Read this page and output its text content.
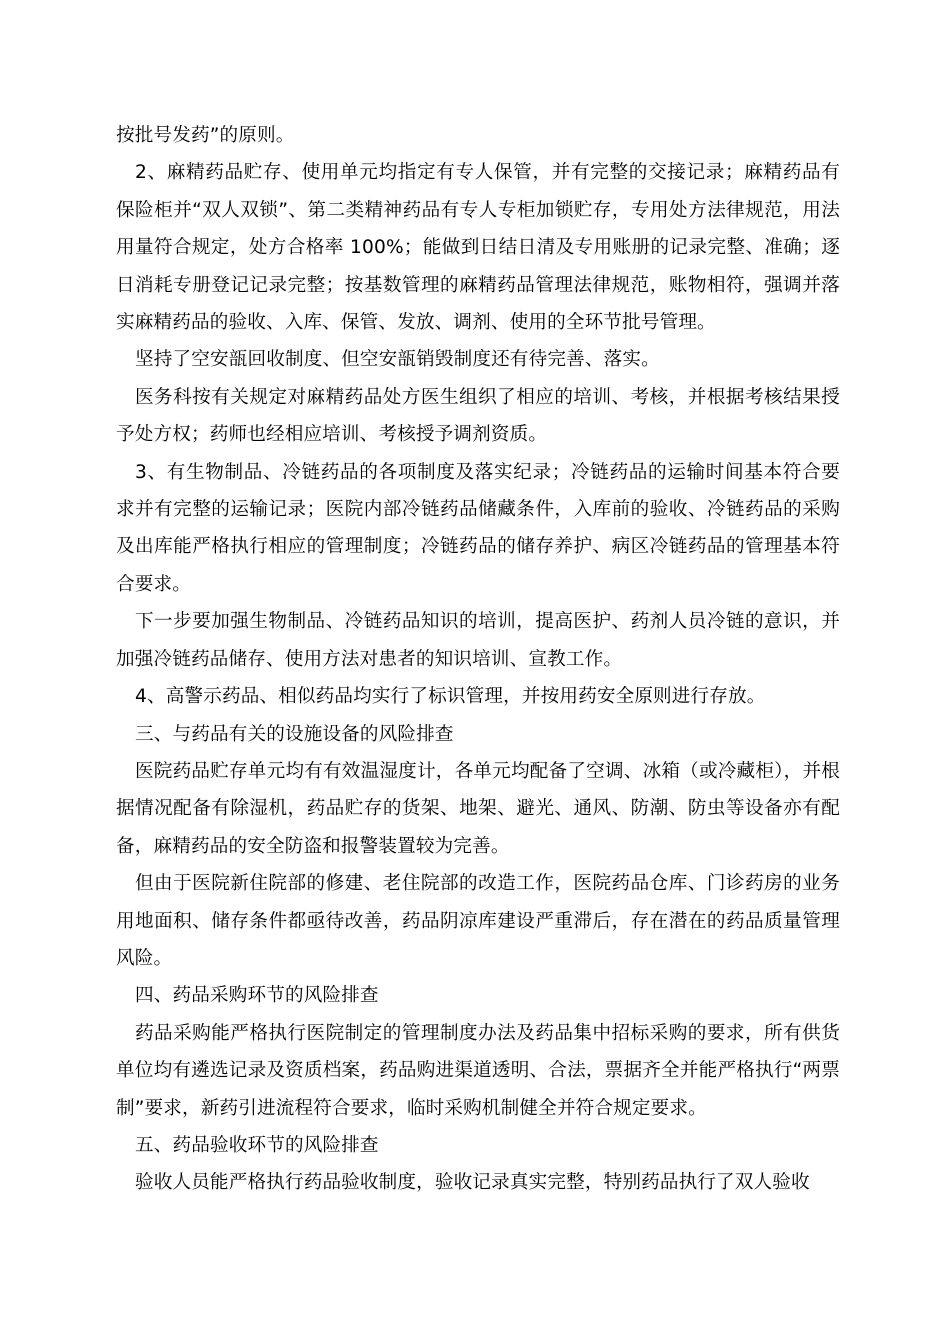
按批号发药”的原则。

2、麻精药品贮存、使用单元均指定有专人保管，并有完整的交接记录；麻精药品有保险柜并“双人双锁”、第二类精神药品有专人专柜加锁贮存，专用处方法律规范，用法用量符合规定，处方合格率 100%；能做到日结日清及专用账册的记录完整、准确；逐日消耗专册登记记录完整；按基数管理的麻精药品管理法律规范，账物相符，强调并落实麻精药品的验收、入库、保管、发放、调剂、使用的全环节批号管理。

坚持了空安瓿回收制度、但空安瓿销毁制度还有待完善、落实。

医务科按有关规定对麻精药品处方医生组织了相应的培训、考核，并根据考核结果授予处方权；药师也经相应培训、考核授予调剂资质。

3、有生物制品、冷链药品的各项制度及落实纪录；冷链药品的运输时间基本符合要求并有完整的运输记录；医院内部冷链药品储藏条件，入库前的验收、冷链药品的采购及出库能严格执行相应的管理制度；冷链药品的储存养护、病区冷链药品的管理基本符合要求。

下一步要加强生物制品、冷链药品知识的培训，提高医护、药剂人员冷链的意识，并加强冷链药品储存、使用方法对患者的知识培训、宣教工作。

4、高警示药品、相似药品均实行了标识管理，并按用药安全原则进行存放。

三、与药品有关的设施设备的风险排查

医院药品贮存单元均有有效温湿度计，各单元均配备了空调、冰箱（或冷藏柜），并根据情况配备有除湿机，药品贮存的货架、地架、避光、通风、防潮、防虫等设备亦有配备，麻精药品的安全防盗和报警装置较为完善。

但由于医院新住院部的修建、老住院部的改造工作，医院药品仓库、门诊药房的业务用地面积、储存条件都亟待改善，药品阴凉库建设严重滞后，存在潜在的药品质量管理风险。

四、药品采购环节的风险排查

药品采购能严格执行医院制定的管理制度办法及药品集中招标采购的要求，所有供货单位均有遴选记录及资质档案，药品购进渠道透明、合法，票据齐全并能严格执行“两票制”要求，新药引进流程符合要求，临时采购机制健全并符合规定要求。

五、药品验收环节的风险排查

验收人员能严格执行药品验收制度，验收记录真实完整，特别药品执行了双人验收
